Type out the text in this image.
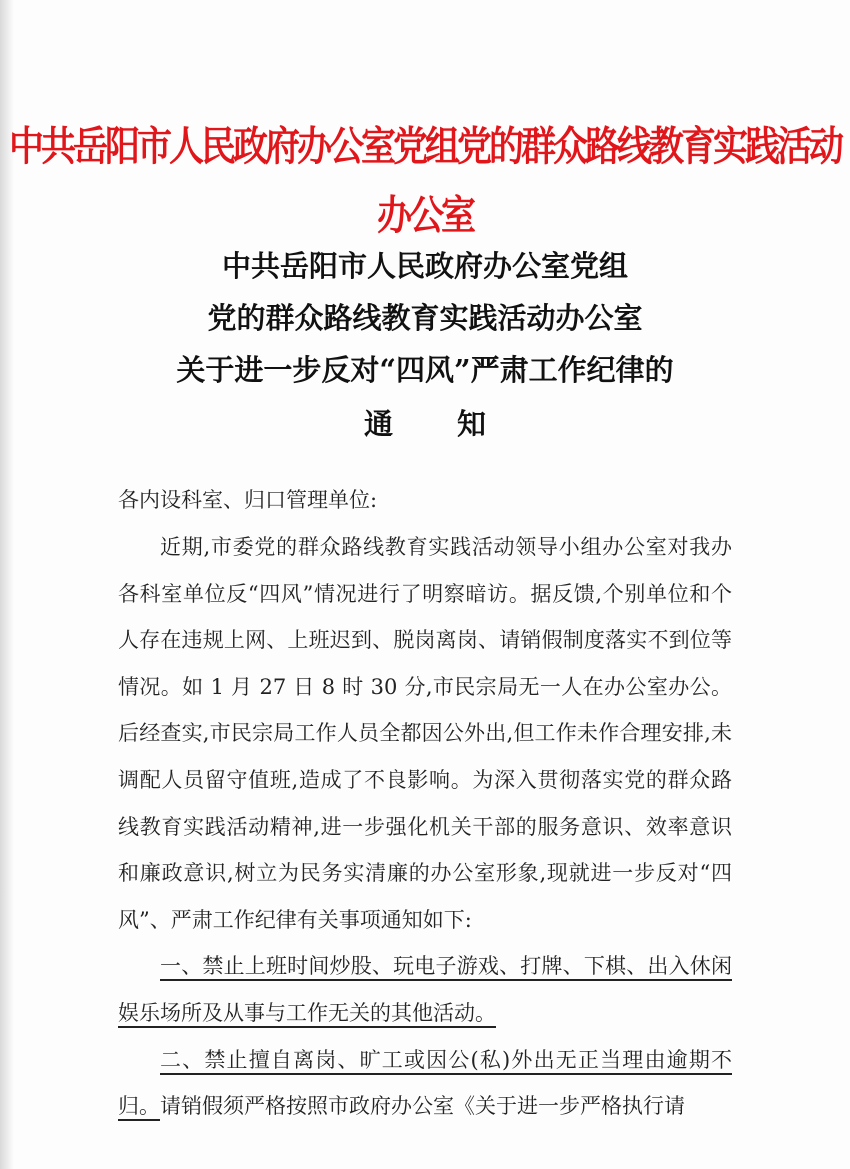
中共岳阳市人民政府办公室党组党的群众路线教育实践活动办公室
中共岳阳市人民政府办公室党组
党的群众路线教育实践活动办公室
关于进一步反对“四风”严肃工作纪律的
通 知
各内设科室、归口管理单位:

近期,市委党的群众路线教育实践活动领导小组办公室对我办各科室单位反“四风”情况进行了明察暗访。据反馈,个别单位和个人存在违规上网、上班迟到、脱岗离岗、请销假制度落实不到位等情况。如 1 月 27 日 8 时 30 分,市民宗局无一人在办公室办公。后经查实,市民宗局工作人员全都因公外出,但工作未作合理安排,未调配人员留守值班,造成了不良影响。为深入贯彻落实党的群众路线教育实践活动精神,进一步强化机关干部的服务意识、效率意识和廉政意识,树立为民务实清廉的办公室形象,现就进一步反对“四风”、严肃工作纪律有关事项通知如下:

一、禁止上班时间炒股、玩电子游戏、打牌、下棋、出入休闲娱乐场所及从事与工作无关的其他活动。

二、禁止擅自离岗、旷工或因公(私)外出无正当理由逾期不归。请销假须严格按照市政府办公室《关于进一步严格执行请
